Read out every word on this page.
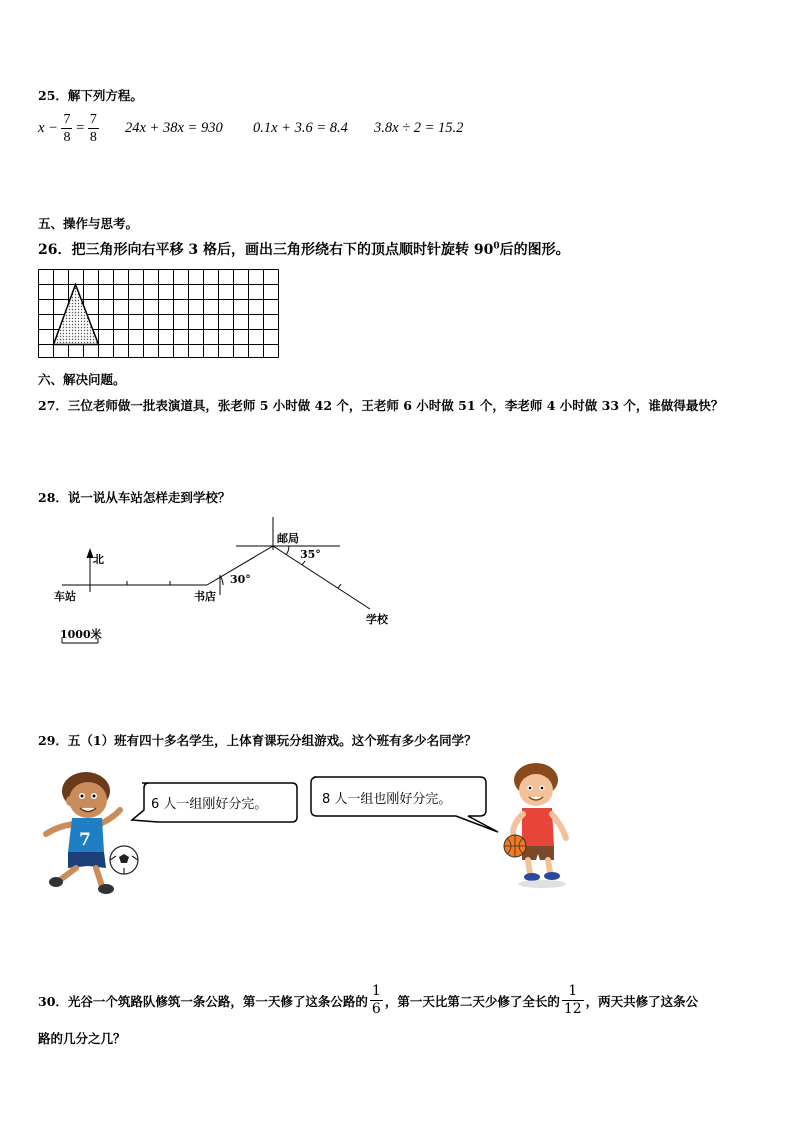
25．解下列方程。
$x - \frac{7}{8} = \frac{7}{8} 24x + 38x = 930$ 0.1x + 3.6 = 8.4 3.8x ÷ 2 = 15.2
五、操作与思考。
26．把三角形向右平移 3 格后，画出三角形绕右下的顶点顺时针旋转 $90^0$后的图形。
六、解决问题。
27．三位老师做一批表演道具，张老师 5 小时做 42 个，王老师 6 小时做 51 个，李老师 4 小时做 33 个，谁做得最快？
28．说一说从车站怎样走到学校？
北
车站	书店
30°
邮局
35°
学校
1000米
29．五（1）班有四十多名学生，上体育课玩分组游戏。这个班有多少名同学？
7
6 人一组刚好分完。	8 人一组也刚好分完。
30．光谷一个筑路队修筑一条公路，第一天修了这条公路的 $\frac{1}{6}$ ，第一天比第二天少修了全长的 $\frac{1}{12}$ ，两天共修了这条公
路的几分之几？
